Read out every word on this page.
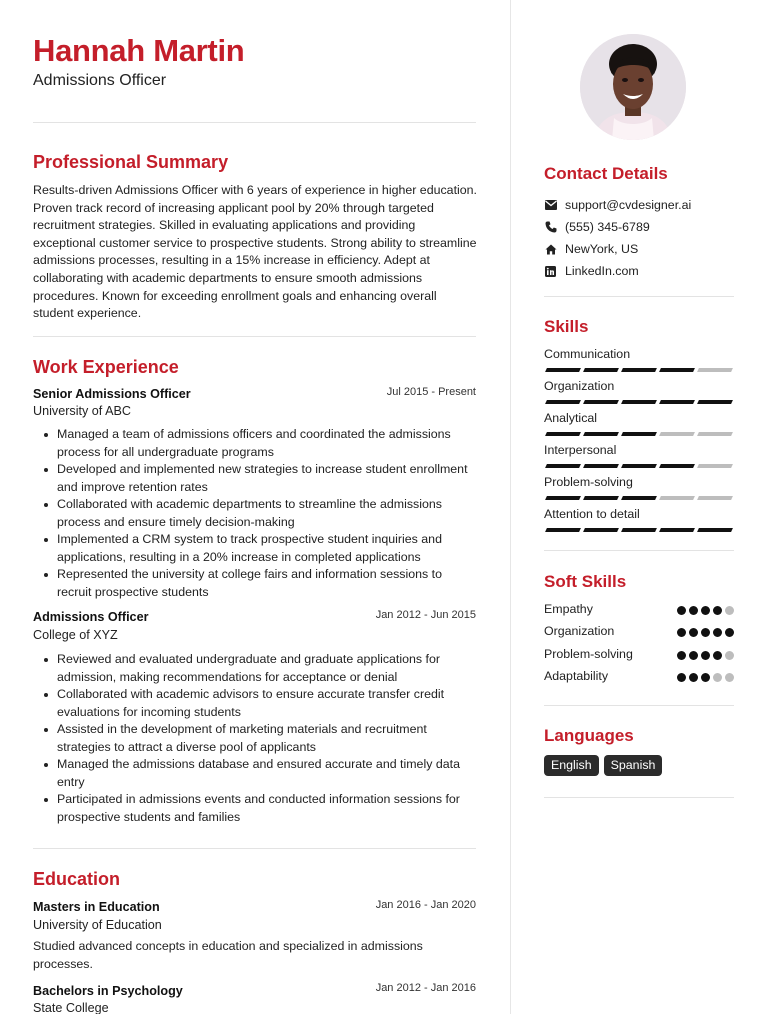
Hannah Martin
Admissions Officer
Professional Summary
Results-driven Admissions Officer with 6 years of experience in higher education. Proven track record of increasing applicant pool by 20% through targeted recruitment strategies. Skilled in evaluating applications and providing exceptional customer service to prospective students. Strong ability to streamline admissions processes, resulting in a 15% increase in efficiency. Adept at collaborating with academic departments to ensure smooth admissions procedures. Known for exceeding enrollment goals and enhancing overall student experience.
Work Experience
Senior Admissions Officer	Jul 2015 - Present
University of ABC
Managed a team of admissions officers and coordinated the admissions process for all undergraduate programs
Developed and implemented new strategies to increase student enrollment and improve retention rates
Collaborated with academic departments to streamline the admissions process and ensure timely decision-making
Implemented a CRM system to track prospective student inquiries and applications, resulting in a 20% increase in completed applications
Represented the university at college fairs and information sessions to recruit prospective students
Admissions Officer	Jan 2012 - Jun 2015
College of XYZ
Reviewed and evaluated undergraduate and graduate applications for admission, making recommendations for acceptance or denial
Collaborated with academic advisors to ensure accurate transfer credit evaluations for incoming students
Assisted in the development of marketing materials and recruitment strategies to attract a diverse pool of applicants
Managed the admissions database and ensured accurate and timely data entry
Participated in admissions events and conducted information sessions for prospective students and families
Education
Masters in Education	Jan 2016 - Jan 2020
University of Education
Studied advanced concepts in education and specialized in admissions processes.
Bachelors in Psychology	Jan 2012 - Jan 2016
State College
Contact Details
support@cvdesigner.ai
(555) 345-6789
NewYork, US
LinkedIn.com
Skills
Communication
Organization
Analytical
Interpersonal
Problem-solving
Attention to detail
Soft Skills
Empathy
Organization
Problem-solving
Adaptability
Languages
English	Spanish
